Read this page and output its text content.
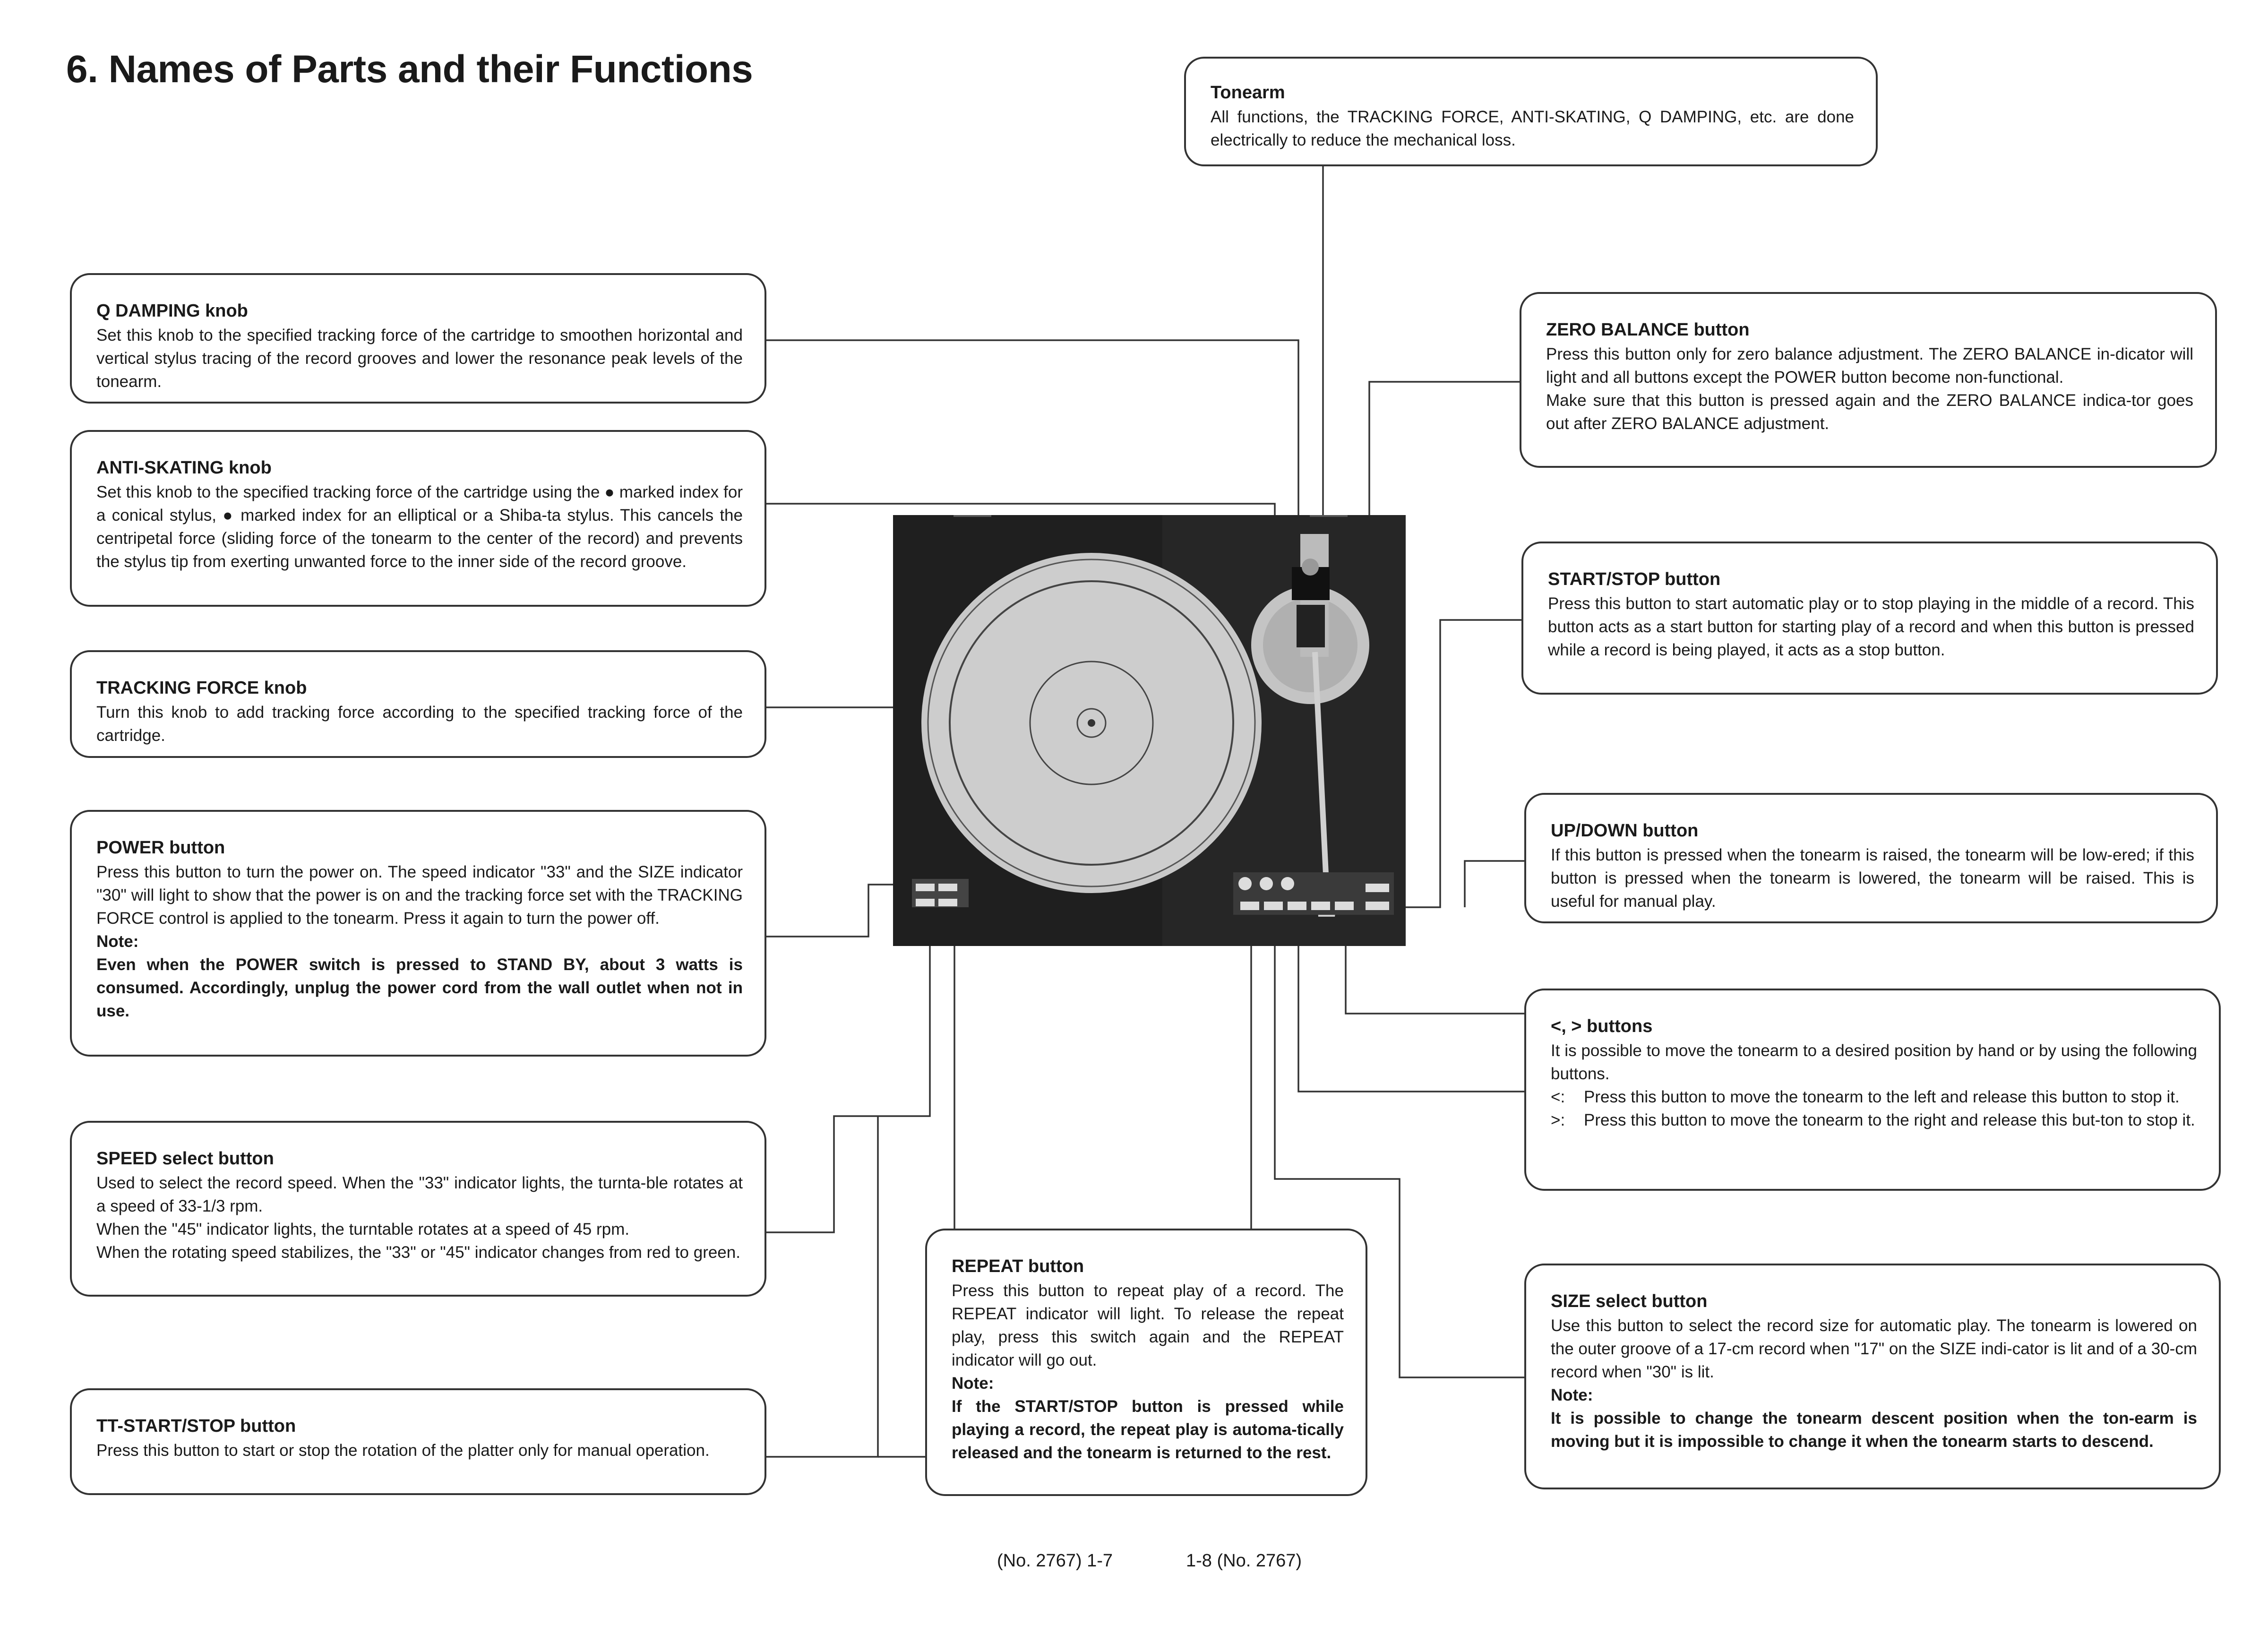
6. Names of Parts and their Functions
Tonearm

All functions, the TRACKING FORCE, ANTI-SKATING, Q DAMPING, etc. are done electrically to reduce the mechanical loss.

Q DAMPING knob

Set this knob to the specified tracking force of the cartridge to smoothen horizontal and vertical stylus tracing of the record grooves and lower the resonance peak levels of the tonearm.

ANTI-SKATING knob

Set this knob to the specified tracking force of the cartridge using the ● marked index for a conical stylus, ● marked index for an elliptical or a Shiba-ta stylus. This cancels the centripetal force (sliding force of the tonearm to the center of the record) and prevents the stylus tip from exerting unwanted force to the inner side of the record groove.

TRACKING FORCE knob

Turn this knob to add tracking force according to the specified tracking force of the cartridge.

POWER button

Press this button to turn the power on. The speed indicator "33" and the SIZE indicator "30" will light to show that the power is on and the tracking force set with the TRACKING FORCE control is applied to the tonearm. Press it again to turn the power off.

Note:

Even when the POWER switch is pressed to STAND BY, about 3 watts is consumed. Accordingly, unplug the power cord from the wall outlet when not in use.

SPEED select button

Used to select the record speed. When the "33" indicator lights, the turnta-ble rotates at a speed of 33-1/3 rpm.

When the "45" indicator lights, the turntable rotates at a speed of 45 rpm.

When the rotating speed stabilizes, the "33" or "45" indicator changes from red to green.

TT-START/STOP button

Press this button to start or stop the rotation of the platter only for manual operation.

REPEAT button

Press this button to repeat play of a record. The REPEAT indicator will light. To release the repeat play, press this switch again and the REPEAT indicator will go out.

Note:

If the START/STOP button is pressed while playing a record, the repeat play is automa-tically released and the tonearm is returned to the rest.

ZERO BALANCE button

Press this button only for zero balance adjustment. The ZERO BALANCE in-dicator will light and all buttons except the POWER button become non-functional.

Make sure that this button is pressed again and the ZERO BALANCE indica-tor goes out after ZERO BALANCE adjustment.

START/STOP button

Press this button to start automatic play or to stop playing in the middle of a record. This button acts as a start button for starting play of a record and when this button is pressed while a record is being played, it acts as a stop button.

UP/DOWN button

If this button is pressed when the tonearm is raised, the tonearm will be low-ered; if this button is pressed when the tonearm is lowered, the tonearm will be raised. This is useful for manual play.

<, > buttons

It is possible to move the tonearm to a desired position by hand or by using the following buttons.

<:	Press this button to move the tonearm to the left and release this button to stop it.
>:	Press this button to move the tonearm to the right and release this but-ton to stop it.
SIZE select button

Use this button to select the record size for automatic play. The tonearm is lowered on the outer groove of a 17-cm record when "17" on the SIZE indi-cator is lit and of a 30-cm record when "30" is lit.

Note:

It is possible to change the tonearm descent position when the ton-earm is moving but it is impossible to change it when the tonearm starts to descend.

(No. 2767) 1-7	1-8 (No. 2767)
